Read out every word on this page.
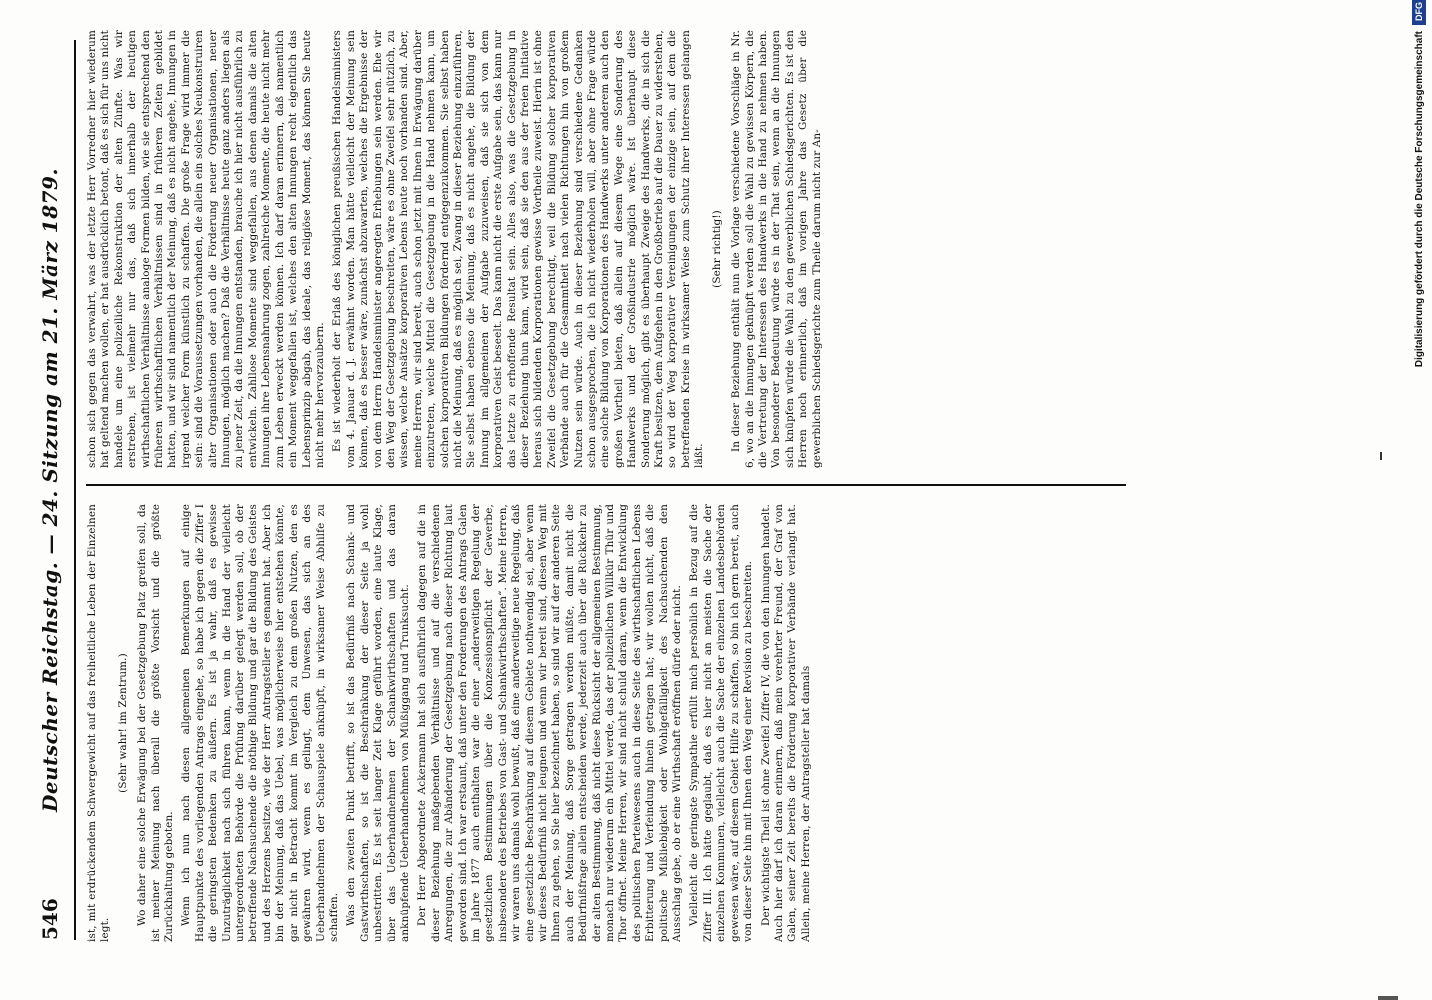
546
Deutscher Reichstag. — 24. Sitzung am 21. März 1879. ist, mit erdrückendem Schwergewicht auf das freiheitliche Leben der Einzelnen legt.

(Sehr wahr! im Zentrum.) Wo daher eine solche Erwägung bei der Gesetzgebung Platz greifen soll, da ist meiner Meinung nach überall die größte Vorsicht und die größte Zurückhaltung geboten. Wenn ich nun nach diesen allgemeinen Bemerkungen auf einige Hauptpunkte des vorliegenden Antrags eingehe, so habe ich gegen die Ziffer I die geringsten Bedenken zu äußern. Es ist ja wahr, daß es gewisse Unzuträglichkeit nach sich führen kann, wenn in die Hand der vielleicht untergeordneten Behörde die Prüfung darüber gelegt werden soll, ob der betreffende Nachsuchende die nöthige Bildung und gar die Bildung des Geistes und des Herzens besitze, wie der Herr Antragsteller es genannt hat. Aber ich bin der Meinung, daß das Uebel, was möglicherweise hier entstehen könnte, gar nicht in Betracht kommt im Vergleich zu dem großen Nutzen, den es gewähren wird, wenn es gelingt, dem Unwesen, das sich an des Ueberhandnehmen der Schauspiele anknüpft, in wirksamer Weise Abhilfe zu schaffen. Was den zweiten Punkt betrifft, so ist das Bedürfniß nach Schank- und Gastwirthschaften, so ist die Beschränkung der dieser Seite ja wohl unbestritten. Es ist seit langer Zeit Klage geführt worden, eine laute Klage, über das Ueberhandnehmen der Schankwirthschaften und das daran anknüpfende Ueberhandnehmen von Müßiggang und Trunksucht. Der Herr Abgeordnete Ackermann hat sich ausführlich dagegen auf die in dieser Beziehung maßgebenden Verhältnisse und auf die verschiedenen Anregungen, die zur Abänderung der Gesetzgebung nach dieser Richtung laut geworden sind. Ich war erstaunt, daß unter den Forderungen des Antrags Galen im Jahre 1877 auch enthalten war die einer „anderweitigen Regelung der gesetzlichen Bestimmungen über die Konzessionspflicht der Gewerbe, insbesondere des Betriebes von Gast- und Schankwirthschaften“. Meine Herren, wir waren uns damals wohl bewußt, daß eine anderweitige neue Regelung, daß eine gesetzliche Beschränkung auf diesem Gebiete nothwendig sei, aber wenn wir dieses Bedürfniß nicht leugnen und wenn wir bereit sind, diesen Weg mit Ihnen zu gehen, so Sie hier bezeichnet haben, so sind wir auf der anderen Seite auch der Meinung, daß Sorge getragen werden müßte, damit nicht die Bedürfnißfrage allein entscheiden werde, jederzeit auch über die Rückkehr zu der alten Bestimmung, daß nicht diese Rücksicht der allgemeinen Bestimmung, monach nur wiederum ein Mittel werde, das der polizeilichen Willkür Thür und Thor öffnet. Meine Herren, wir sind nicht schuld daran, wenn die Entwicklung des politischen Parteiwesens auch in diese Seite des wirthschaftlichen Lebens Erbitterung und Verfeindung hinein getragen hat; wir wollen nicht, daß die politische Mißliebigkeit oder Wohlgefälligkeit des Nachsuchenden den Ausschlag gebe, ob er eine Wirthschaft eröffnen dürfe oder nicht. Vielleicht die geringste Sympathie erfüllt mich persönlich in Bezug auf die Ziffer III. Ich hätte geglaubt, daß es hier nicht an meisten die Sache der einzelnen Kommunen, vielleicht auch die Sache der einzelnen Landesbehörden gewesen wäre, auf diesem Gebiet Hilfe zu schaffen, so bin ich gern bereit, auch von dieser Seite hin mit Ihnen den Weg einer Revision zu beschreiten. Der wichtigste Theil ist ohne Zweifel Ziffer IV, die von den Innungen handelt. Auch hier darf ich daran erinnern, daß mein verehrter Freund, der Graf von Galen, seiner Zeit bereits die Förderung korporativer Verbände verlangt hat. Allein, meine Herren, der Antragsteller hat damals

schon sich gegen das verwahrt, was der letzte Herr Vorredner hier wiederum hat geltend machen wollen, er hat ausdrücklich betont, daß es sich für uns nicht handele um eine polizeiliche Rekonstruktion der alten Zünfte. Was wir erstreben, ist vielmehr nur das, daß sich innerhalb der heutigen wirthschaftlichen Verhältnisse analoge Formen bilden, wie sie entsprechend den früheren wirthschaftlichen Verhältnissen sind in früheren Zeiten gebildet hatten, und wir sind namentlich der Meinung, daß es nicht angehe, Innungen in irgend welcher Form künstlich zu schaffen. Die große Frage wird immer die sein: sind die Voraussetzungen vorhanden, die allein ein solches Neukonstruiren alter Organisationen oder auch die Förderung neuer Organisationen, neuer Innungen, möglich machen? Daß die Verhältnisse heute ganz anders liegen als zu jener Zeit, da die Innungen entstanden, brauche ich hier nicht ausführlich zu entwickeln. Zahllose Momente sind weggefallen, aus denen damals die alten Innungen ihre Lebensnahrung zogen, zahlreiche Momente, die heute nicht mehr zum Leben erweckt werden können. Ich darf daran erinnern, daß namentlich ein Moment weggefallen ist, welches den alten Innungen recht eigentlich das Lebensprinzip abgab, das ideale, das religiöse Moment, das können Sie heute nicht mehr hervorzaubern. Es ist wiederholt der Erlaß des königlichen preußischen Handelsministers vom 4. Januar d. J. erwähnt worden. Man hätte vielleicht der Meinung sein können, daß es besser wäre, zunächst abzuwarten, welches die Ergebnisse der von dem Herrn Handelsminister angeregten Erhebungen sein werden. Ehe wir den Weg der Gesetzgebung beschreiten, wäre es ohne Zweifel sehr nützlich, zu wissen, welche Ansätze korporativen Lebens heute noch vorhanden sind. Aber, meine Herren, wir sind bereit, auch schon jetzt mit Ihnen in Erwägung darüber einzutreten, welche Mittel die Gesetzgebung in die Hand nehmen kann, um solchen korporativen Bildungen fördernd entgegenzukommen. Sie selbst haben nicht die Meinung, daß es möglich sei, Zwang in dieser Beziehung einzuführen, Sie selbst haben ebenso die Meinung, daß es nicht angehe, die Bildung der Innung im allgemeinen der Aufgabe zuzuweisen, daß sie sich von dem korporativen Geist beseelt. Das kann nicht die erste Aufgabe sein, das kann nur das letzte zu erhoffende Resultat sein. Alles also, was die Gesetzgebung in dieser Beziehung thun kann, wird sein, daß sie den aus der freien Initiative heraus sich bildenden Korporationen gewisse Vortheile zuweist. Hierin ist ohne Zweifel die Gesetzgebung berechtigt, weil die Bildung solcher korporativen Verbände auch für die Gesammtheit nach vielen Richtungen hin von großem Nutzen sein würde. Auch in dieser Beziehung sind verschiedene Gedanken schon ausgesprochen, die ich nicht wiederholen will, aber ohne Frage würde eine solche Bildung von Korporationen des Handwerks unter anderem auch den großen Vortheil bieten, daß allein auf diesem Wege eine Sonderung des Handwerks und der Großindustrie möglich wäre. Ist überhaupt diese Sonderung möglich, gibt es überhaupt Zweige des Handwerks, die in sich die Kraft besitzen, dem Aufgehen in den Großbetrieb auf die Dauer zu widerstehen, so wird der Weg korporativer Vereinigungen der einzige sein, auf dem die betreffenden Kreise in wirksamer Weise zum Schutz ihrer Interessen gelangen läßt.

(Sehr richtig!) In dieser Beziehung enthält nun die Vorlage verschiedene Vorschläge in Nr. 6, wo an die Innungen geknüpft werden soll die Wahl zu gewissen Körpern, die die Vertretung der Interessen des Handwerks in die Hand zu nehmen haben. Von besonderer Bedeutung würde es in der That sein, wenn an die Innungen sich knüpfen würde die Wahl zu den gewerblichen Schiedsgerichten. Es ist den Herren noch erinnerlich, daß im vorigen Jahre das Gesetz über die gewerblichen Schiedsgerichte zum Theile darum nicht zur An-	Digitalisierung gefördert durch die Deutsche Forschungsgemeinschaft
DFG
